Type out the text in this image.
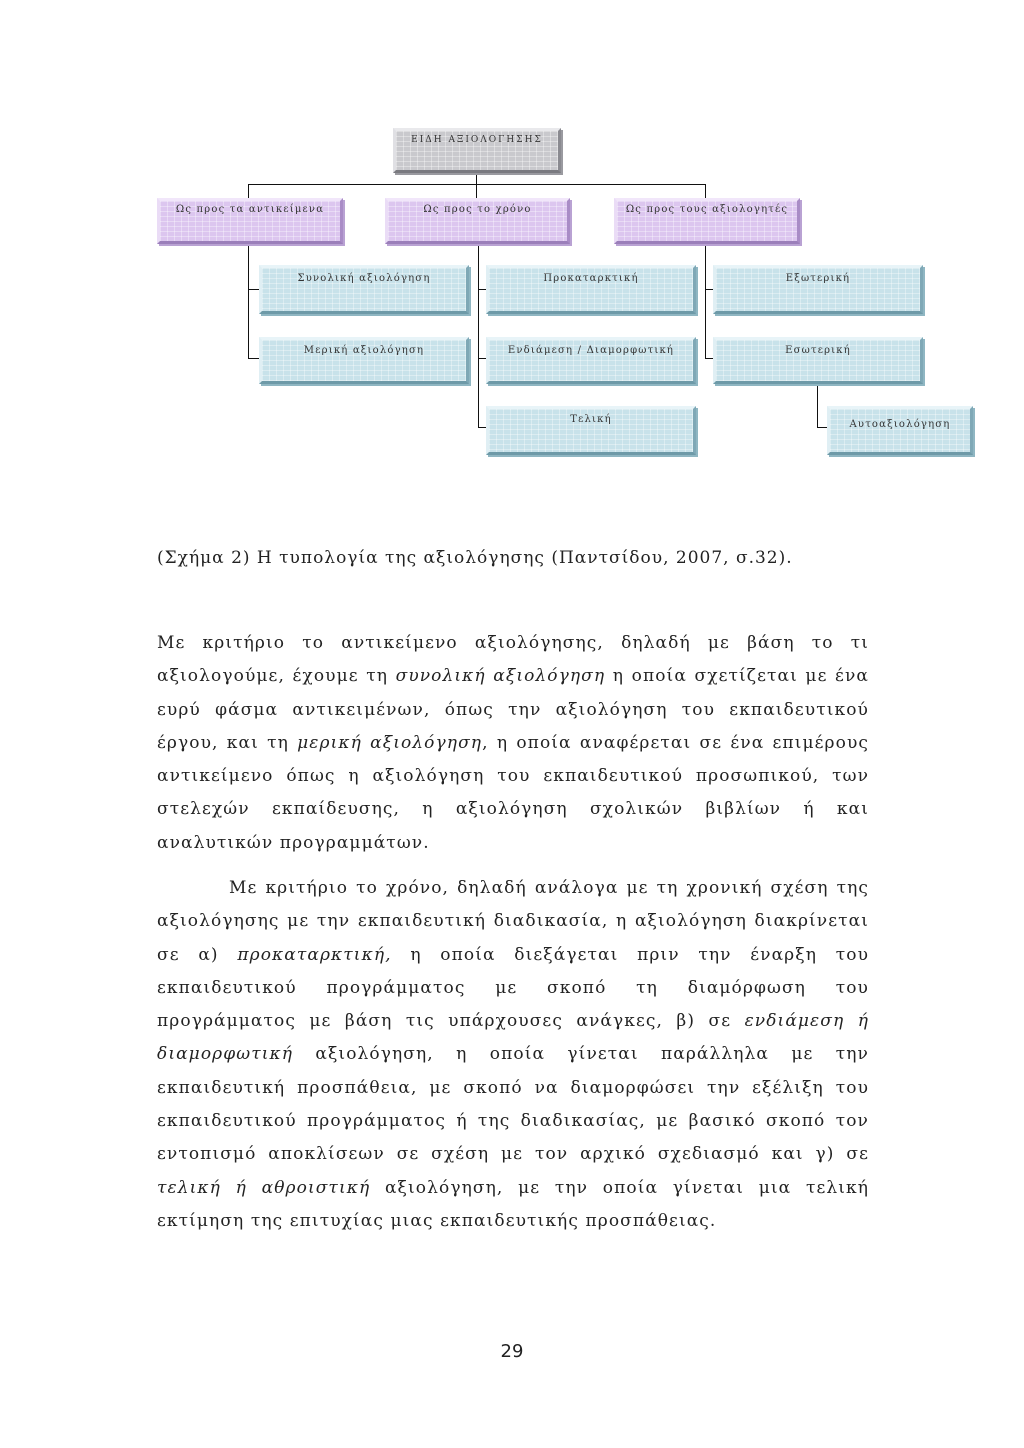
ΕΙΔΗ ΑΞΙΟΛΟΓΗΣΗΣ
Ως προς τα αντικείμενα	Ως προς το χρόνο	Ως προς τους αξιολογητές
Συνολική αξιολόγηση
Μερική αξιολόγηση
Προκαταρκτική
Ενδιάμεση / Διαμορφωτική
Τελική
Εξωτερική
Εσωτερική
Αυτοαξιολόγηση
(Σχήμα 2) Η τυπολογία της αξιολόγησης (Παντσίδου, 2007, σ.32).

Με κριτήριο το αντικείμενο αξιολόγησης, δηλαδή με βάση το τι αξιολογούμε, έχουμε τη συνολική αξιολόγηση η οποία σχετίζεται με ένα ευρύ φάσμα αντικειμένων, όπως την αξιολόγηση του εκπαιδευτικού έργου, και τη μερική αξιολόγηση, η οποία αναφέρεται σε ένα επιμέρους αντικείμενο όπως η αξιολόγηση του εκπαιδευτικού προσωπικού, των στελεχών εκπαίδευσης, η αξιολόγηση σχολικών βιβλίων ή και αναλυτικών προγραμμάτων.

Με κριτήριο το χρόνο, δηλαδή ανάλογα με τη χρονική σχέση της αξιολόγησης με την εκπαιδευτική διαδικασία, η αξιολόγηση διακρίνεται σε α) προκαταρκτική, η οποία διεξάγεται πριν την έναρξη του εκπαιδευτικού προγράμματος με σκοπό τη διαμόρφωση του προγράμματος με βάση τις υπάρχουσες ανάγκες, β) σε ενδιάμεση ή διαμορφωτική αξιολόγηση, η οποία γίνεται παράλληλα με την εκπαιδευτική προσπάθεια, με σκοπό να διαμορφώσει την εξέλιξη του εκπαιδευτικού προγράμματος ή της διαδικασίας, με βασικό σκοπό τον εντοπισμό αποκλίσεων σε σχέση με τον αρχικό σχεδιασμό και γ) σε τελική ή αθροιστική αξιολόγηση, με την οποία γίνεται μια τελική εκτίμηση της επιτυχίας μιας εκπαιδευτικής προσπάθειας.

29
